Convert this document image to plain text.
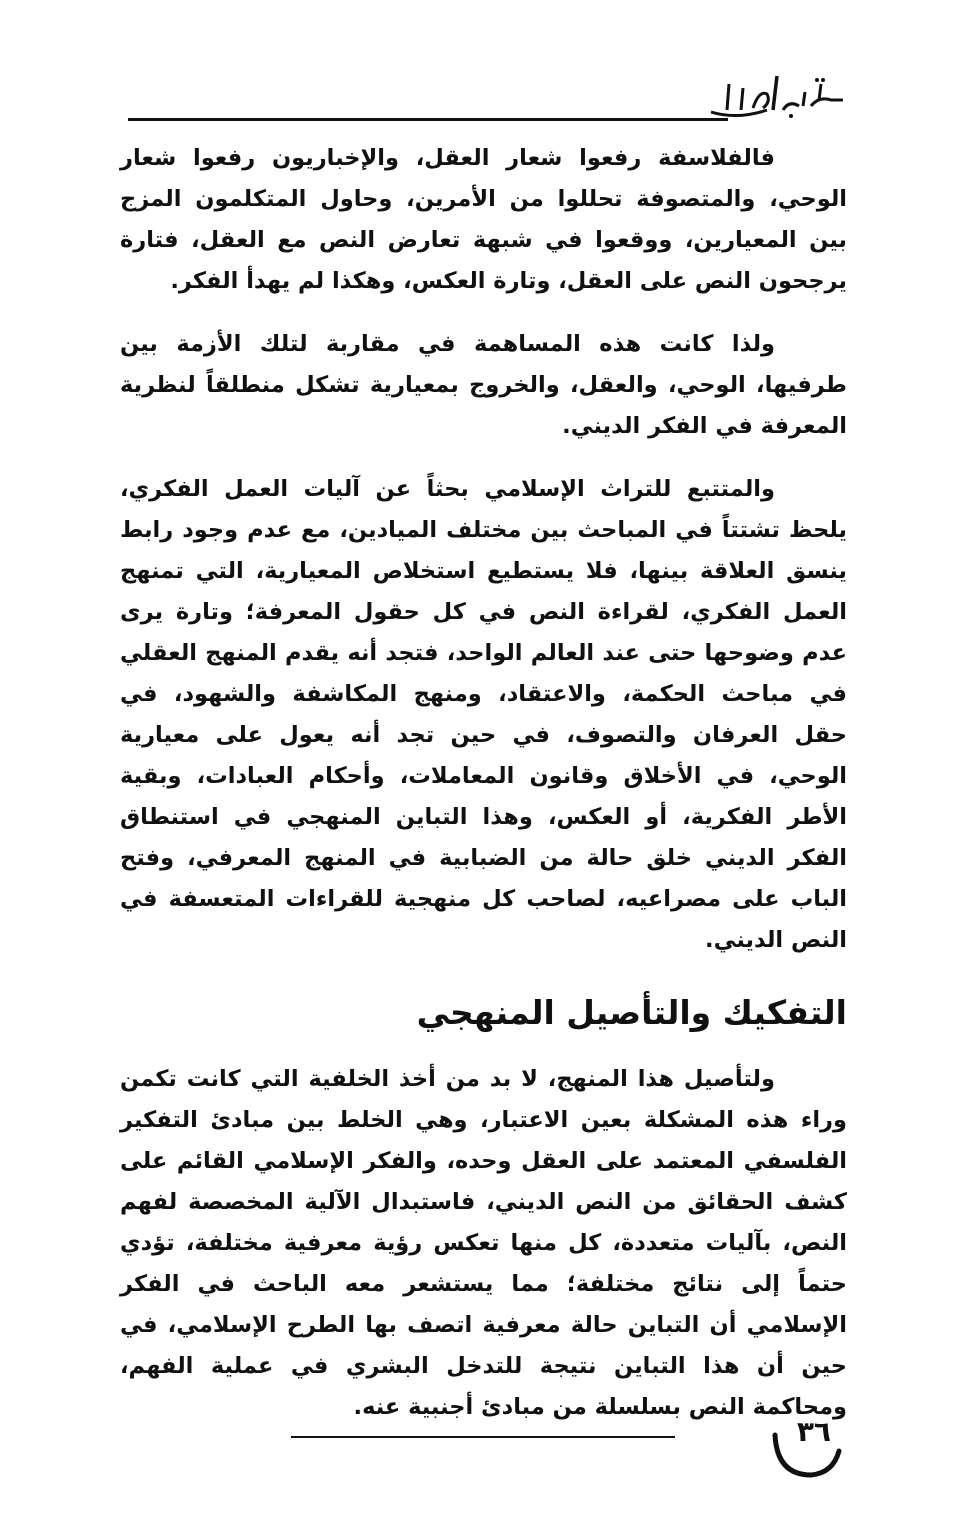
فالفلاسفة رفعوا شعار العقل، والإخباريون رفعوا شعار الوحي، والمتصوفة تحللوا من الأمرين، وحاول المتكلمون المزج بين المعيارين، ووقعوا في شبهة تعارض النص مع العقل، فتارة يرجحون النص على العقل، وتارة العكس، وهكذا لم يهدأ الفكر.

ولذا كانت هذه المساهمة في مقاربة لتلك الأزمة بين طرفيها، الوحي، والعقل، والخروج بمعيارية تشكل منطلقاً لنظرية المعرفة في الفكر الديني.

والمتتبع للتراث الإسلامي بحثاً عن آليات العمل الفكري، يلحظ تشتتاً في المباحث بين مختلف الميادين، مع عدم وجود رابط ينسق العلاقة بينها، فلا يستطيع استخلاص المعيارية، التي تمنهج العمل الفكري، لقراءة النص في كل حقول المعرفة؛ وتارة يرى عدم وضوحها حتى عند العالم الواحد، فتجد أنه يقدم المنهج العقلي في مباحث الحكمة، والاعتقاد، ومنهج المكاشفة والشهود، في حقل العرفان والتصوف، في حين تجد أنه يعول على معيارية الوحي، في الأخلاق وقانون المعاملات، وأحكام العبادات، وبقية الأطر الفكرية، أو العكس، وهذا التباين المنهجي في استنطاق الفكر الديني خلق حالة من الضبابية في المنهج المعرفي، وفتح الباب على مصراعيه، لصاحب كل منهجية للقراءات المتعسفة في النص الديني.

التفكيك والتأصيل المنهجي

ولتأصيل هذا المنهج، لا بد من أخذ الخلفية التي كانت تكمن وراء هذه المشكلة بعين الاعتبار، وهي الخلط بين مبادئ التفكير الفلسفي المعتمد على العقل وحده، والفكر الإسلامي القائم على كشف الحقائق من النص الديني، فاستبدال الآلية المخصصة لفهم النص، بآليات متعددة، كل منها تعكس رؤية معرفية مختلفة، تؤدي حتماً إلى نتائج مختلفة؛ مما يستشعر معه الباحث في الفكر الإسلامي أن التباين حالة معرفية اتصف بها الطرح الإسلامي، في حين أن هذا التباين نتيجة للتدخل البشري في عملية الفهم، ومحاكمة النص بسلسلة من مبادئ أجنبية عنه.

٣٦
